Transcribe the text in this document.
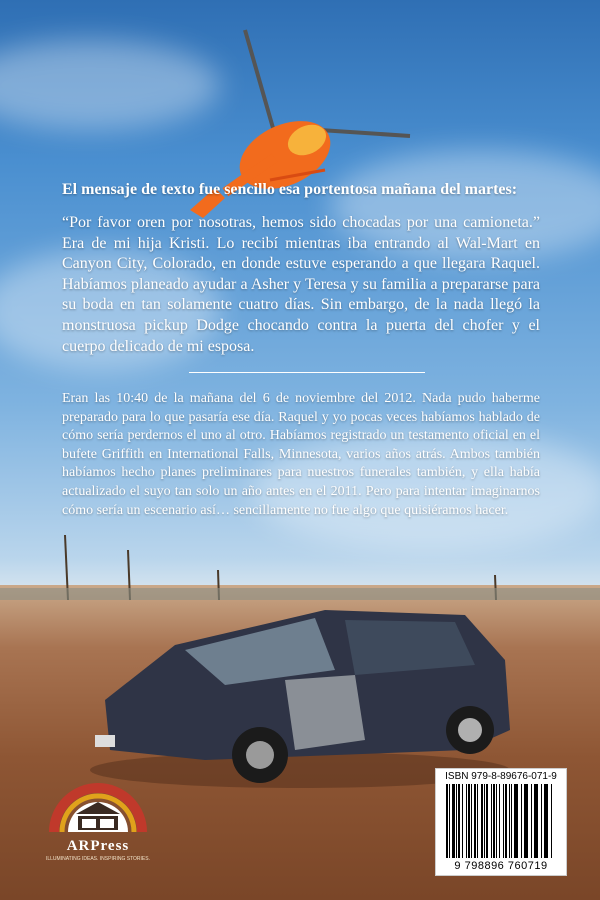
El mensaje de texto fue sencillo esa portentosa mañana del martes:
“Por favor oren por nosotras, hemos sido chocadas por una camioneta.” Era de mi hija Kristi. Lo recibí mientras iba entrando al Wal-Mart en Canyon City, Colorado, en donde estuve esperando a que llegara Raquel. Habíamos planeado ayudar a Asher y Teresa y su familia a prepararse para su boda en tan solamente cuatro días. Sin embargo, de la nada llegó la monstruosa pickup Dodge chocando contra la puerta del chofer y el cuerpo delicado de mi esposa.
Eran las 10:40 de la mañana del 6 de noviembre del 2012. Nada pudo haberme preparado para lo que pasaría ese día. Raquel y yo pocas veces habíamos hablado de cómo sería perdernos el uno al otro. Habíamos registrado un testamento oficial en el bufete Griffith en International Falls, Minnesota, varios años atrás. Ambos también habíamos hecho planes preliminares para nuestros funerales también, y ella había actualizado el suyo tan solo un año antes en el 2011. Pero para intentar imaginarnos cómo sería un escenario así… sencillamente no fue algo que quisiéramos hacer.
ARPress
ILLUMINATING IDEAS. INSPIRING STORIES.
ISBN 979-8-89676-071-9
9 798896 760719
